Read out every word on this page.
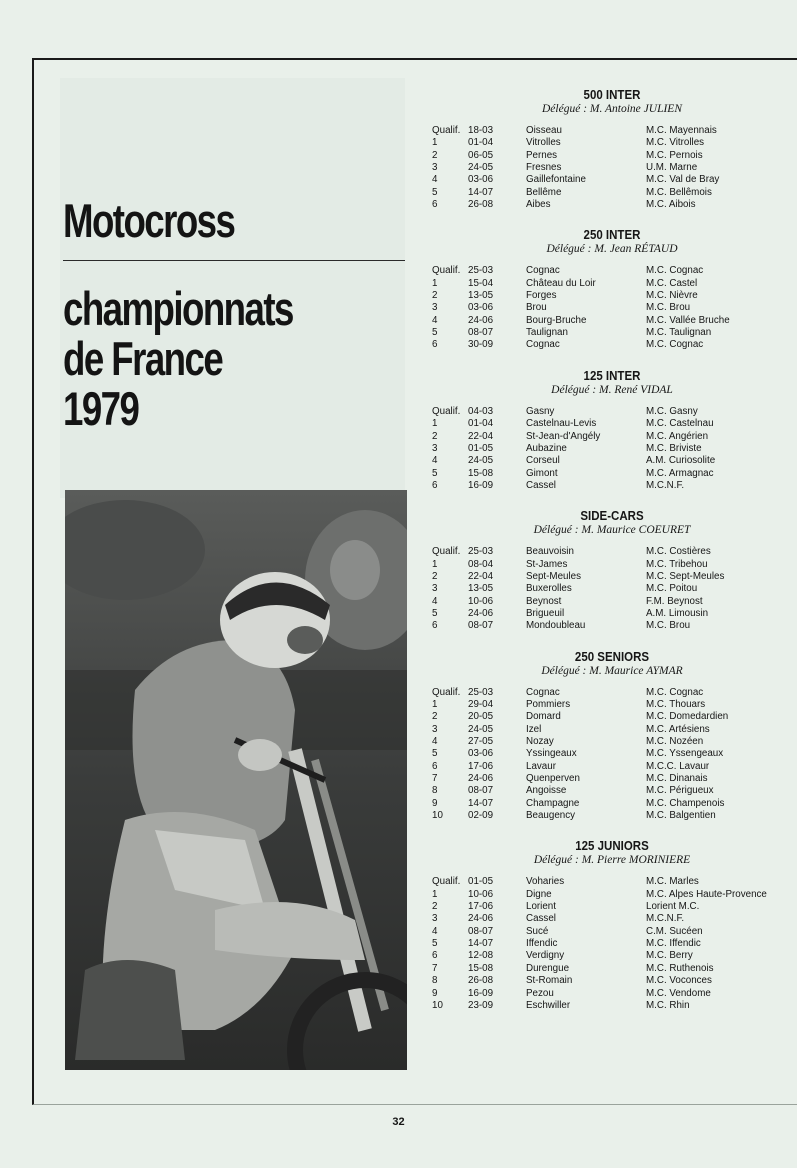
Motocross

championnats

de France

1979

500 INTER

Délégué : M. Antoine JULIEN

Qualif. 18-03	Oisseau	M.C. Mayennais
1	01-04	Vitrolles	M.C. Vitrolles
2	06-05	Pernes	M.C. Pernois
3	24-05	Fresnes	U.M. Marne
4	03-06	Gaillefontaine	M.C. Val de Bray
5	14-07	Bellême	M.C. Bellêmois
6	26-08	Aibes	M.C. Aibois

250 INTER

Délégué : M. Jean RÉTAUD

Qualif. 25-03	Cognac	M.C. Cognac
1	15-04	Château du Loir	M.C. Castel
2	13-05	Forges	M.C. Nièvre
3	03-06	Brou	M.C. Brou
4	24-06	Bourg-Bruche	M.C. Vallée Bruche
5	08-07	Taulignan	M.C. Taulignan
6	30-09	Cognac	M.C. Cognac

125 INTER

Délégué : M. René VIDAL

Qualif. 04-03	Gasny	M.C. Gasny
1	01-04	Castelnau-Levis	M.C. Castelnau
2	22-04	St-Jean-d'Angély	M.C. Angérien
3	01-05	Aubazine	M.C. Briviste
4	24-05	Corseul	A.M. Curiosolite
5	15-08	Gimont	M.C. Armagnac
6	16-09	Cassel	M.C.N.F.

SIDE-CARS

Délégué : M. Maurice COEURET

Qualif. 25-03	Beauvoisin	M.C. Costières
1	08-04	St-James	M.C. Tribehou
2	22-04	Sept-Meules	M.C. Sept-Meules
3	13-05	Buxerolles	M.C. Poitou
4	10-06	Beynost	F.M. Beynost
5	24-06	Brigueuil	A.M. Limousin
6	08-07	Mondoubleau	M.C. Brou

250 SENIORS

Délégué : M. Maurice AYMAR

Qualif. 25-03	Cognac	M.C. Cognac
1	29-04	Pommiers	M.C. Thouars
2	20-05	Domard	M.C. Domedardien
3	24-05	Izel	M.C. Artésiens
4	27-05	Nozay	M.C. Nozéen
5	03-06	Yssingeaux	M.C. Yssengeaux
6	17-06	Lavaur	M.C.C. Lavaur
7	24-06	Quenperven	M.C. Dinanais
8	08-07	Angoisse	M.C. Périgueux
9	14-07	Champagne	M.C. Champenois
10	02-09	Beaugency	M.C. Balgentien

125 JUNIORS

Délégué : M. Pierre MORINIERE

Qualif. 01-05	Voharies	M.C. Marles
1	10-06	Digne	M.C. Alpes Haute-Provence
2	17-06	Lorient	Lorient M.C.
3	24-06	Cassel	M.C.N.F.
4	08-07	Sucé	C.M. Sucéen
5	14-07	Iffendic	M.C. Iffendic
6	12-08	Verdigny	M.C. Berry
7	15-08	Durengue	M.C. Ruthenois
8	26-08	St-Romain	M.C. Voconces
9	16-09	Pezou	M.C. Vendome
10	23-09	Eschwiller	M.C. Rhin
32
